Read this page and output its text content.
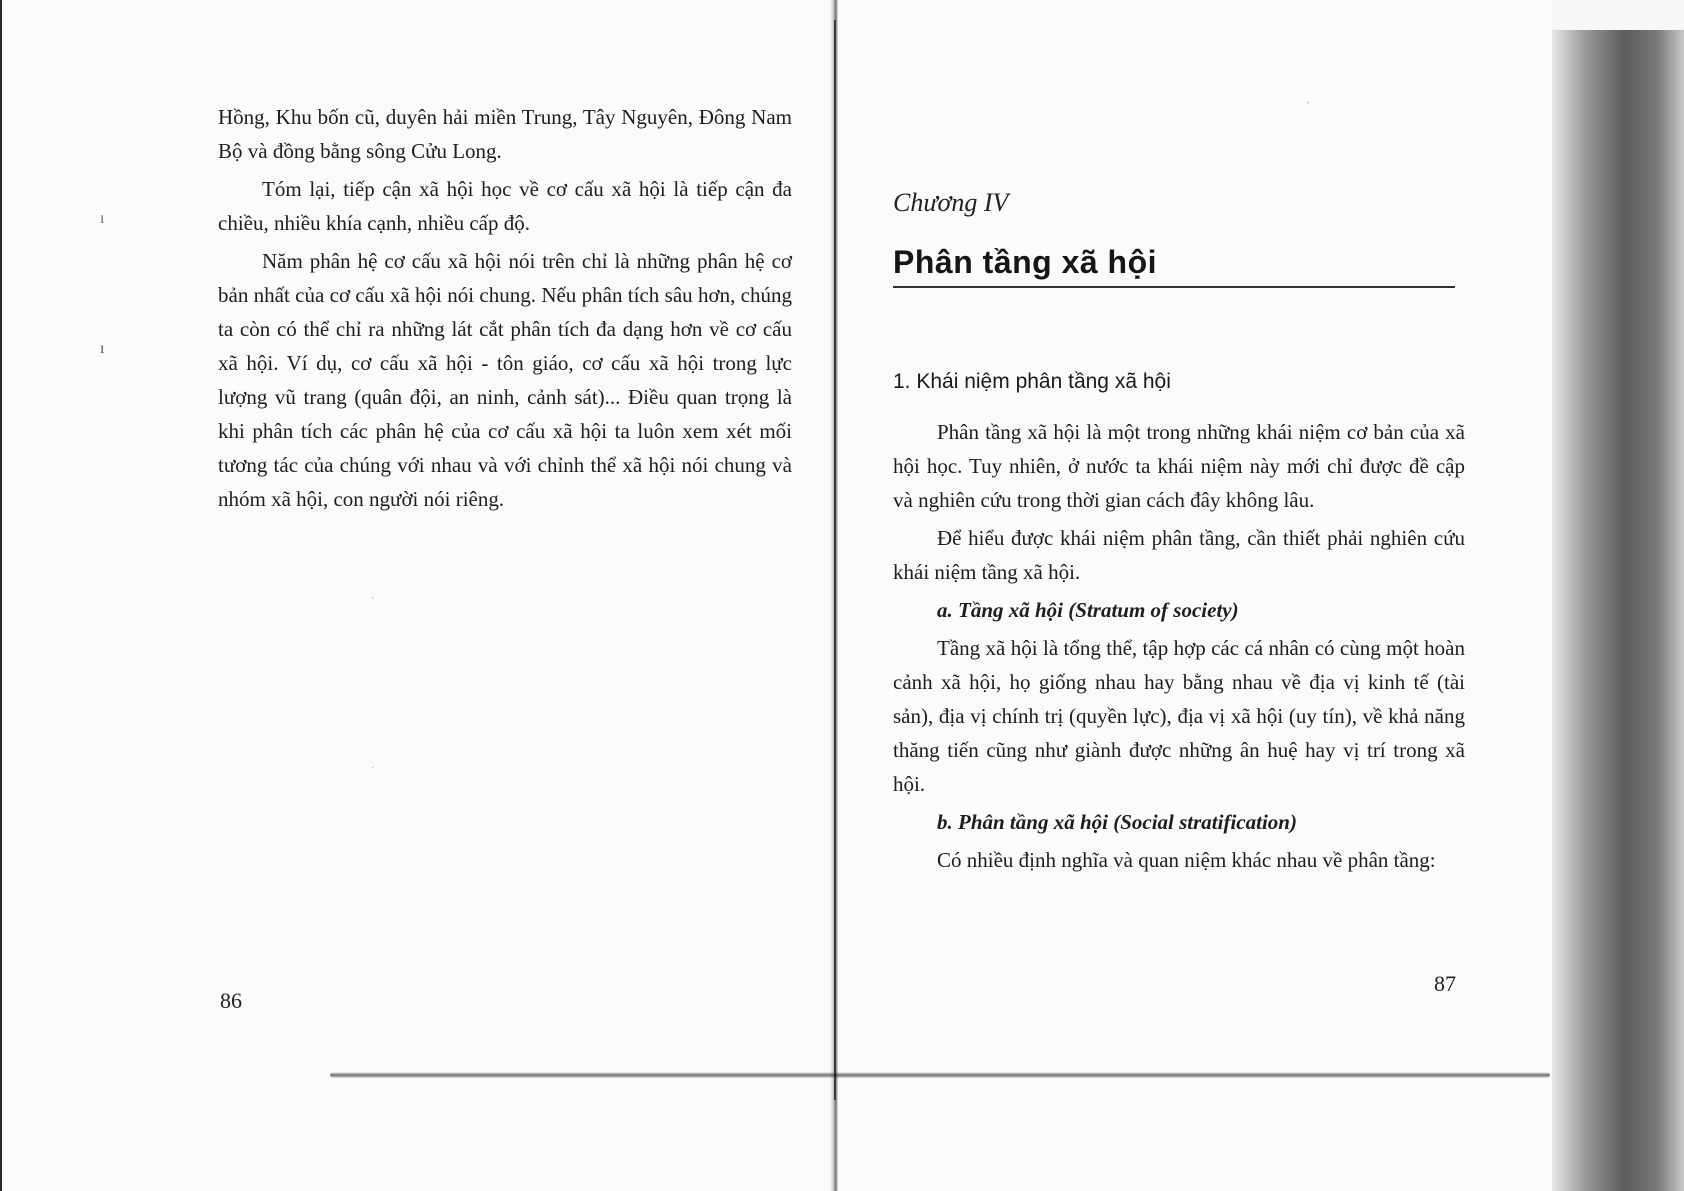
·
·
·
ı
ı

Hồng, Khu bốn cũ, duyên hải miền Trung, Tây Nguyên, Đông Nam Bộ và đồng bằng sông Cửu Long.

Tóm lại, tiếp cận xã hội học về cơ cấu xã hội là tiếp cận đa chiều, nhiều khía cạnh, nhiều cấp độ.

Năm phân hệ cơ cấu xã hội nói trên chỉ là những phân hệ cơ bản nhất của cơ cấu xã hội nói chung. Nếu phân tích sâu hơn, chúng ta còn có thể chỉ ra những lát cắt phân tích đa dạng hơn về cơ cấu xã hội. Ví dụ, cơ cấu xã hội - tôn giáo, cơ cấu xã hội trong lực lượng vũ trang (quân đội, an ninh, cảnh sát)... Điều quan trọng là khi phân tích các phân hệ của cơ cấu xã hội ta luôn xem xét mối tương tác của chúng với nhau và với chỉnh thể xã hội nói chung và nhóm xã hội, con người nói riêng.

86
Chương IV
Phân tầng xã hội
1. Khái niệm phân tầng xã hội

Phân tầng xã hội là một trong những khái niệm cơ bản của xã hội học. Tuy nhiên, ở nước ta khái niệm này mới chỉ được đề cập và nghiên cứu trong thời gian cách đây không lâu.

Để hiểu được khái niệm phân tầng, cần thiết phải nghiên cứu khái niệm tầng xã hội.

a. Tầng xã hội (Stratum of society)

Tầng xã hội là tổng thể, tập hợp các cá nhân có cùng một hoàn cảnh xã hội, họ giống nhau hay bằng nhau về địa vị kinh tế (tài sản), địa vị chính trị (quyền lực), địa vị xã hội (uy tín), về khả năng thăng tiến cũng như giành được những ân huệ hay vị trí trong xã hội.

b. Phân tầng xã hội (Social stratification)

Có nhiều định nghĩa và quan niệm khác nhau về phân tầng:

87
